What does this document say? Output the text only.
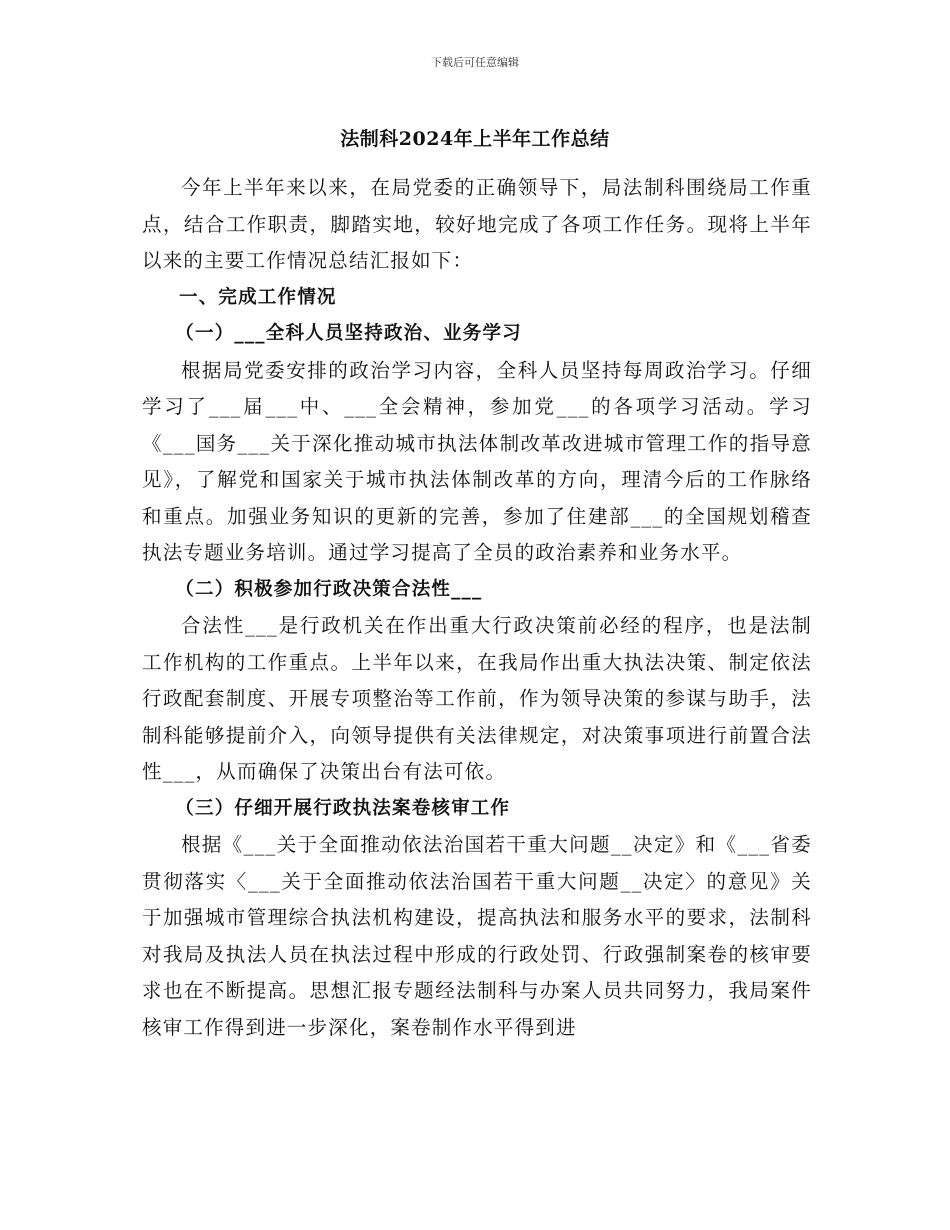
下载后可任意编辑
法制科2024年上半年工作总结

今年上半年来以来，在局党委的正确领导下，局法制科围绕局工作重点，结合工作职责，脚踏实地，较好地完成了各项工作任务。现将上半年以来的主要工作情况总结汇报如下：

一、完成工作情况

（一）___全科人员坚持政治、业务学习

根据局党委安排的政治学习内容，全科人员坚持每周政治学习。仔细学习了___届___中、___全会精神，参加党___的各项学习活动。学习《___国务___关于深化推动城市执法体制改革改进城市管理工作的指导意见》，了解党和国家关于城市执法体制改革的方向，理清今后的工作脉络和重点。加强业务知识的更新的完善，参加了住建部___的全国规划稽查执法专题业务培训。通过学习提高了全员的政治素养和业务水平。

（二）积极参加行政决策合法性___

合法性___是行政机关在作出重大行政决策前必经的程序，也是法制工作机构的工作重点。上半年以来，在我局作出重大执法决策、制定依法行政配套制度、开展专项整治等工作前，作为领导决策的参谋与助手，法制科能够提前介入，向领导提供有关法律规定，对决策事项进行前置合法性___，从而确保了决策出台有法可依。

（三）仔细开展行政执法案卷核审工作

根据《___关于全面推动依法治国若干重大问题__决定》和《___省委贯彻落实〈___关于全面推动依法治国若干重大问题__决定〉的意见》关于加强城市管理综合执法机构建设，提高执法和服务水平的要求，法制科对我局及执法人员在执法过程中形成的行政处罚、行政强制案卷的核审要求也在不断提高。思想汇报专题经法制科与办案人员共同努力，我局案件核审工作得到进一步深化，案卷制作水平得到进
